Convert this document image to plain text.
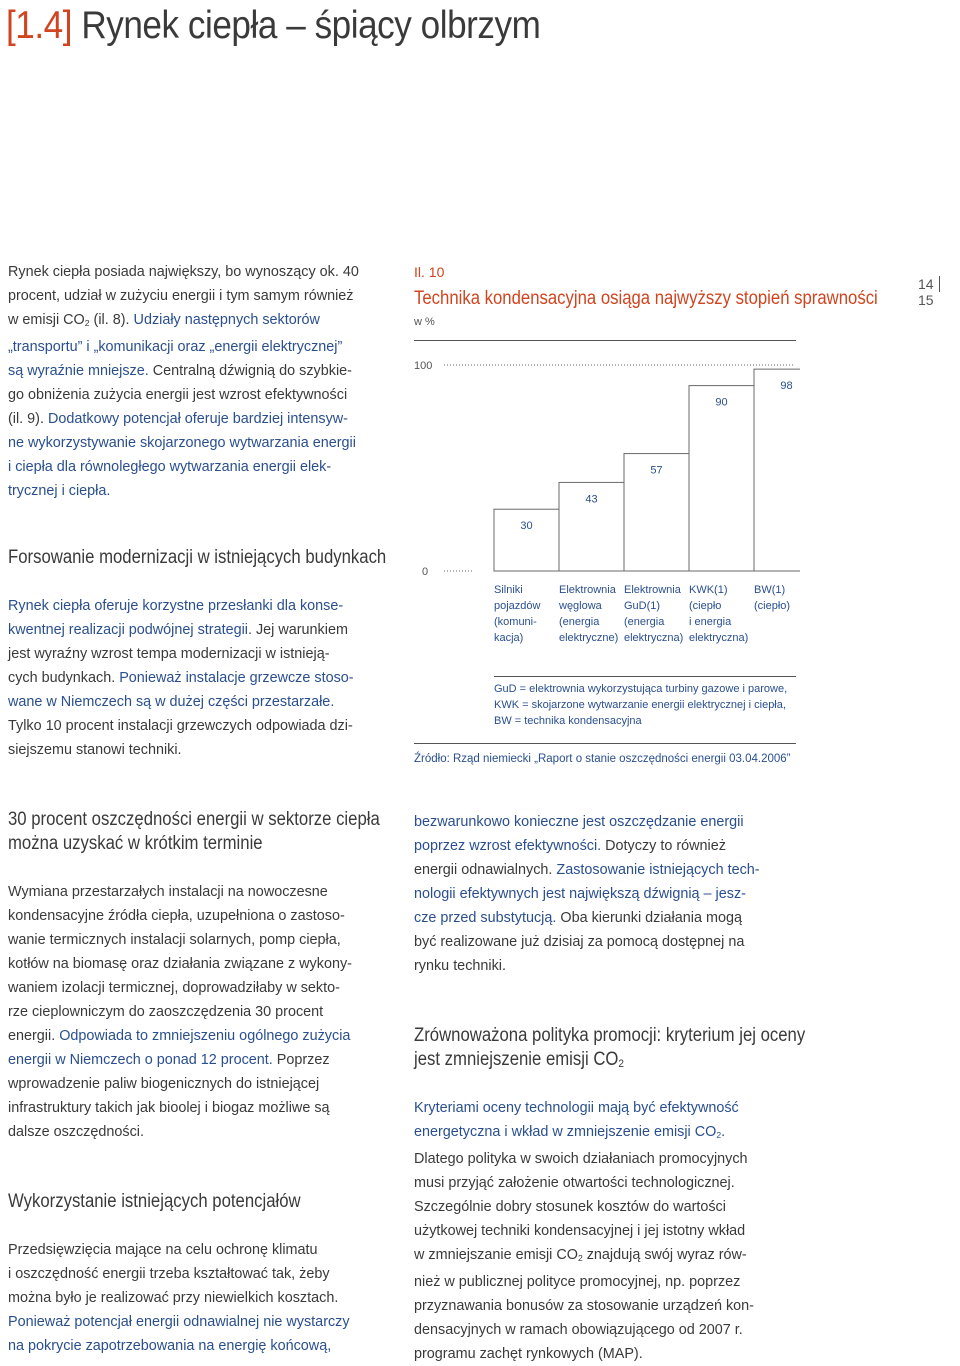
[1.4] Rynek ciepła – śpiący olbrzym
1415
Rynek ciepła posiada największy, bo wynoszący ok. 40
procent, udział w zużyciu energii i tym samym również
w emisji $CO_2$ (il. 8). Udziały następnych sektorów
„transportu” i „komunikacji oraz „energii elektrycznej”
są wyraźnie mniejsze. Centralną dźwignią do szybkie-
go obniżenia zużycia energii jest wzrost efektywności
(il. 9). Dodatkowy potencjał oferuje bardziej intensyw-
ne wykorzystywanie skojarzonego wytwarzania energii
i ciepła dla równoległego wytwarzania energii elek-
trycznej i ciepła.
Forsowanie modernizacji w istniejących budynkach
Rynek ciepła oferuje korzystne przesłanki dla konse-
kwentnej realizacji podwójnej strategii. Jej warunkiem
jest wyraźny wzrost tempa modernizacji w istnieją-
cych budynkach. Ponieważ instalacje grzewcze stoso-
wane w Niemczech są w dużej części przestarzałe.
Tylko 10 procent instalacji grzewczych odpowiada dzi-
siejszemu stanowi techniki.
30 procent oszczędności energii w sektorze ciepła
można uzyskać w krótkim terminie
Wymiana przestarzałych instalacji na nowoczesne
kondensacyjne źródła ciepła, uzupełniona o zastoso-
wanie termicznych instalacji solarnych, pomp ciepła,
kotłów na biomasę oraz działania związane z wykony-
waniem izolacji termicznej, doprowadziłaby w sekto-
rze cieplowniczym do zaoszczędzenia 30 procent
energii. Odpowiada to zmniejszeniu ogólnego zużycia
energii w Niemczech o ponad 12 procent. Poprzez
wprowadzenie paliw biogenicznych do istniejącej
infrastruktury takich jak bioolej i biogaz możliwe są
dalsze oszczędności.
Wykorzystanie istniejących potencjałów
Przedsięwzięcia mające na celu ochronę klimatu
i oszczędność energii trzeba kształtować tak, żeby
można było je realizować przy niewielkich kosztach.
Ponieważ potencjał energii odnawialnej nie wystarczy
na pokrycie zapotrzebowania na energię końcową,
bezwarunkowo konieczne jest oszczędzanie energii
poprzez wzrost efektywności. Dotyczy to również
energii odnawialnych. Zastosowanie istniejących tech-
nologii efektywnych jest największą dźwignią – jesz-
cze przed substytucją. Oba kierunki działania mogą
być realizowane już dzisiaj za pomocą dostępnej na
rynku techniki.
Zrównoważona polityka promocji: kryterium jej oceny
jest zmniejszenie emisji $CO_2$
Kryteriami oceny technologii mają być efektywność
energetyczna i wkład w zmniejszenie emisji $CO_2$.
Dlatego polityka w swoich działaniach promocyjnych
musi przyjąć założenie otwartości technologicznej.
Szczególnie dobry stosunek kosztów do wartości
użytkowej techniki kondensacyjnej i jej istotny wkład
w zmniejszanie emisji $CO_2$ znajdują swój wyraz rów-
nież w publicznej polityce promocyjnej, np. poprzez
przyznawania bonusów za stosowanie urządzeń kon-
densacyjnych w ramach obowiązującego od 2007 r.
programu zachęt rynkowych (MAP).
Il. 10
Technika kondensacyjna osiąga najwyższy stopień sprawności
w %
100
0
30
43
57
90
98
Silniki
pojazdów
(komuni-
kacja)
Elektrownia
węglowa
(energia
elektryczne)
Elektrownia
GuD(1)
(energia
elektryczna)
KWK(1)
(ciepło
i energia
elektryczna)
BW(1)
(ciepło)
GuD = elektrownia wykorzystująca turbiny gazowe i parowe,
KWK = skojarzone wytwarzanie energii elektrycznej i ciepła,
BW = technika kondensacyjna
Źródło: Rząd niemiecki „Raport o stanie oszczędności energii 03.04.2006”
